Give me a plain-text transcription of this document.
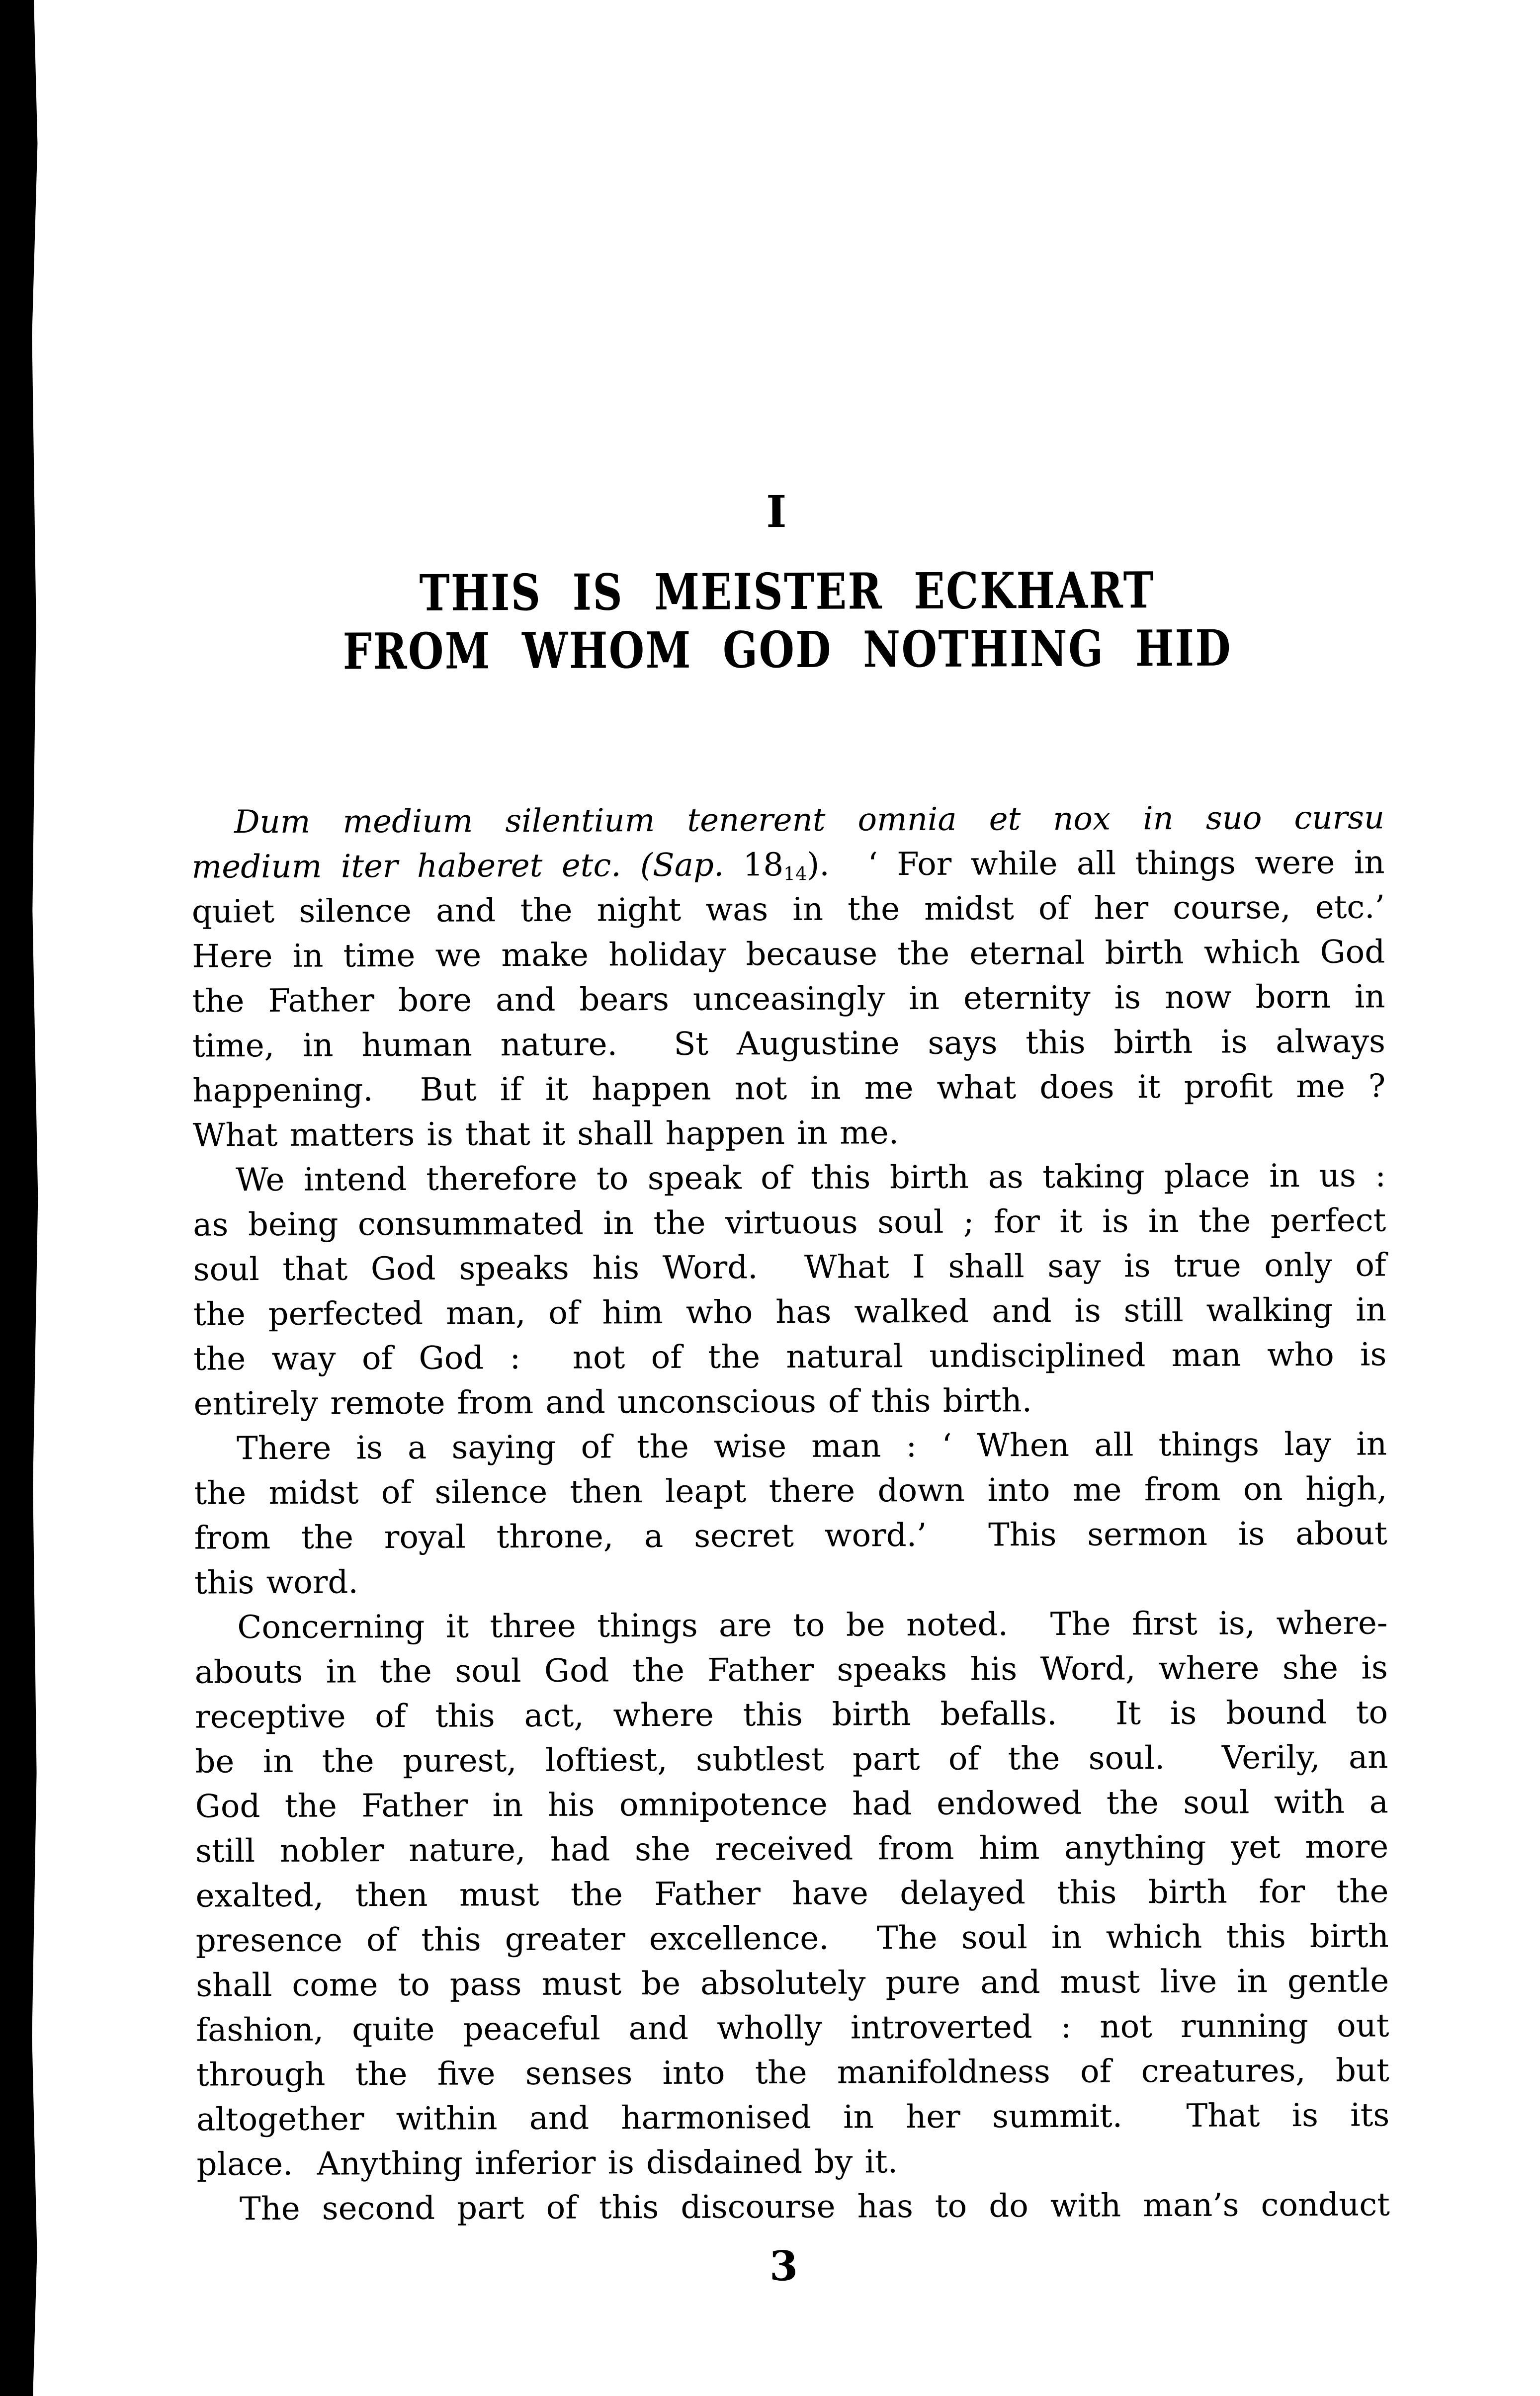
I
THIS IS MEISTER ECKHART
FROM WHOM GOD NOTHING HID
Dum medium silentium tenerent omnia et nox in suo cursu
medium iter haberet etc. (Sap. $18_{14}$).  ‘ For while all things were in
quiet silence and the night was in the midst of her course, etc.’
Here in time we make holiday because the eternal birth which God
the Father bore and bears unceasingly in eternity is now born in
time, in human nature.  St Augustine says this birth is always
happening.  But if it happen not in me what does it profit me ?
What matters is that it shall happen in me.
We intend therefore to speak of this birth as taking place in us :
as being consummated in the virtuous soul ; for it is in the perfect
soul that God speaks his Word.  What I shall say is true only of
the perfected man, of him who has walked and is still walking in
the way of God :  not of the natural undisciplined man who is
entirely remote from and unconscious of this birth.
There is a saying of the wise man : ‘ When all things lay in
the midst of silence then leapt there down into me from on high,
from the royal throne, a secret word.’  This sermon is about
this word.
Concerning it three things are to be noted.  The first is, where-
abouts in the soul God the Father speaks his Word, where she is
receptive of this act, where this birth befalls.  It is bound to
be in the purest, loftiest, subtlest part of the soul.  Verily, an
God the Father in his omnipotence had endowed the soul with a
still nobler nature, had she received from him anything yet more
exalted, then must the Father have delayed this birth for the
presence of this greater excellence.  The soul in which this birth
shall come to pass must be absolutely pure and must live in gentle
fashion, quite peaceful and wholly introverted : not running out
through the five senses into the manifoldness of creatures, but
altogether within and harmonised in her summit.  That is its
place.  Anything inferior is disdained by it.
The second part of this discourse has to do with man’s conduct
3
